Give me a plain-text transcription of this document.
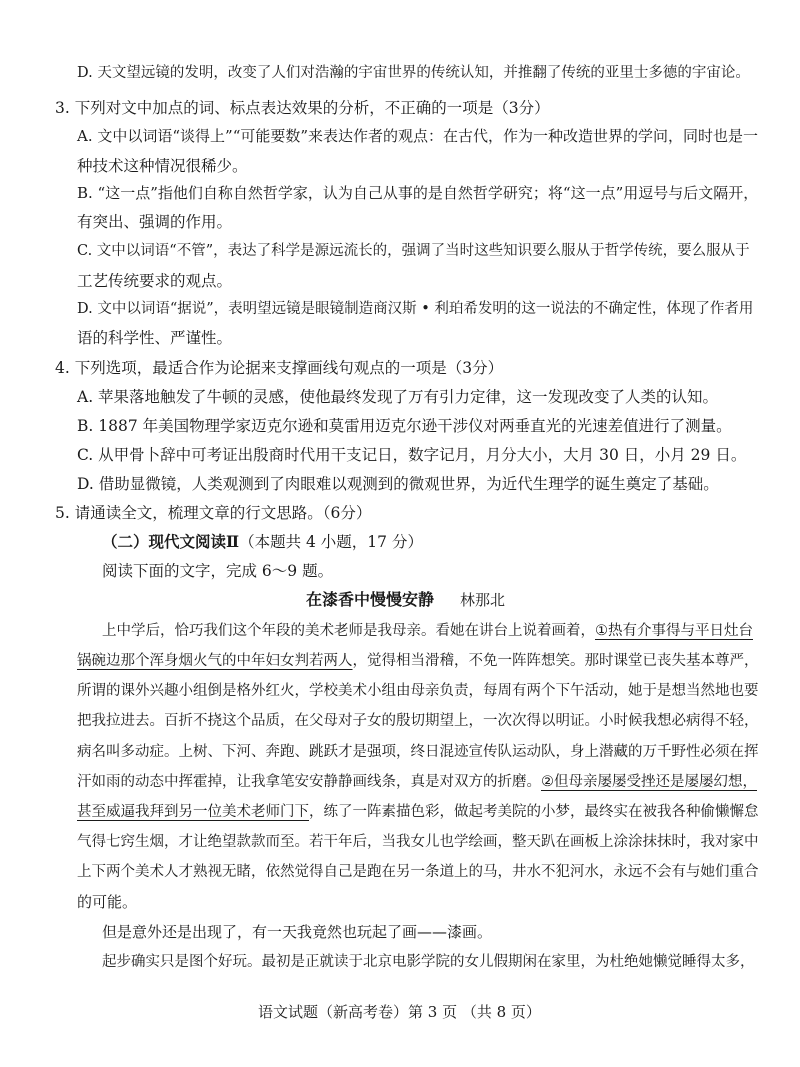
D. 天文望远镜的发明，改变了人们对浩瀚的宇宙世界的传统认知，并推翻了传统的亚里士多德的宇宙论。
3. 下列对文中加点的词、标点表达效果的分析，不正确的一项是（3分）
A. 文中以词语“谈得上”“可能要数”来表达作者的观点：在古代，作为一种改造世界的学问，同时也是一
种技术这种情况很稀少。
B. “这一点”指他们自称自然哲学家，认为自己从事的是自然哲学研究；将“这一点”用逗号与后文隔开，
有突出、强调的作用。
C. 文中以词语“不管”，表达了科学是源远流长的，强调了当时这些知识要么服从于哲学传统，要么服从于
工艺传统要求的观点。
D. 文中以词语“据说”，表明望远镜是眼镜制造商汉斯 • 利珀希发明的这一说法的不确定性，体现了作者用
语的科学性、严谨性。
4. 下列选项，最适合作为论据来支撑画线句观点的一项是（3分）
A. 苹果落地触发了牛顿的灵感，使他最终发现了万有引力定律，这一发现改变了人类的认知。
B. 1887 年美国物理学家迈克尔逊和莫雷用迈克尔逊干涉仪对两垂直光的光速差值进行了测量。
C. 从甲骨卜辞中可考证出殷商时代用干支记日，数字记月，月分大小，大月 30 日，小月 29 日。
D. 借助显微镜，人类观测到了肉眼难以观测到的微观世界，为近代生理学的诞生奠定了基础。
5. 请通读全文，梳理文章的行文思路。（6分）
（二）现代文阅读Ⅱ（本题共 4 小题，17 分）
阅读下面的文字，完成 6～9 题。
在漆香中慢慢安静 林那北
上中学后，恰巧我们这个年段的美术老师是我母亲。看她在讲台上说着画着，①热有介事得与平日灶台
锅碗边那个浑身烟火气的中年妇女判若两人，觉得相当滑稽，不免一阵阵想笑。那时课堂已丧失基本尊严，
所谓的课外兴趣小组倒是格外红火，学校美术小组由母亲负责，每周有两个下午活动，她于是想当然地也要
把我拉进去。百折不挠这个品质，在父母对子女的殷切期望上，一次次得以明证。小时候我想必病得不轻，
病名叫多动症。上树、下河、奔跑、跳跃才是强项，终日混迹宣传队运动队，身上潜藏的万千野性必须在挥
汗如雨的动态中挥霍掉，让我拿笔安安静静画线条，真是对双方的折磨。②但母亲屡屡受挫还是屡屡幻想，
甚至威逼我拜到另一位美术老师门下，练了一阵素描色彩，做起考美院的小梦，最终实在被我各种偷懒懈怠
气得七窍生烟，才让绝望款款而至。若干年后，当我女儿也学绘画，整天趴在画板上涂涂抹抹时，我对家中
上下两个美术人才熟视无睹，依然觉得自己是跑在另一条道上的马，井水不犯河水，永远不会有与她们重合
的可能。
但是意外还是出现了，有一天我竟然也玩起了画——漆画。
起步确实只是图个好玩。最初是正就读于北京电影学院的女儿假期闲在家里，为杜绝她懒觉睡得太多，
语文试题（新高考卷）第 3 页 （共 8 页）
